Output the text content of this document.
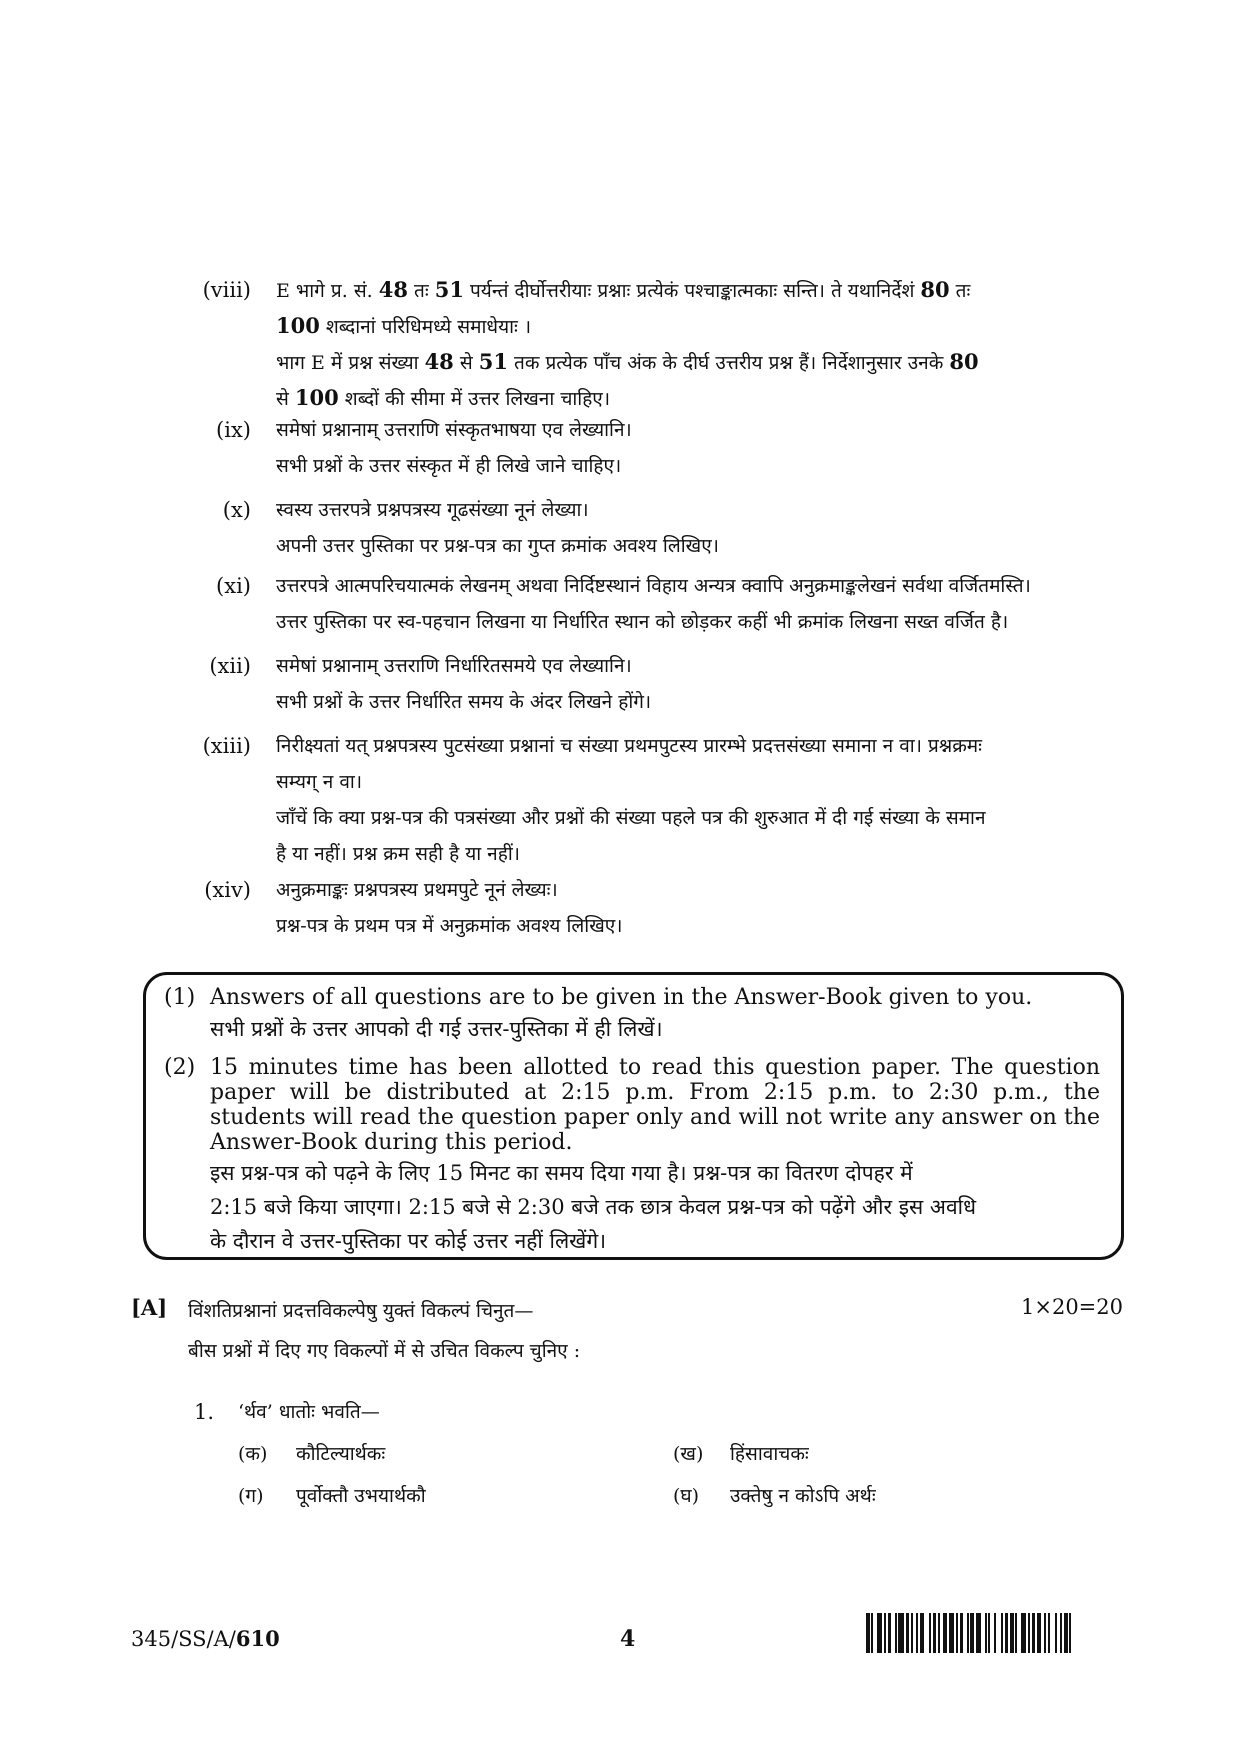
(viii) E भागे प्र. सं. 48 तः 51 पर्यन्तं दीर्घोत्तरीयाः प्रश्नाः प्रत्येकं पश्चाङ्कात्मकाः सन्ति। ते यथानिर्देशं 80 तः
100 शब्दानां परिधिमध्ये समाधेयाः ।
भाग E में प्रश्न संख्या 48 से 51 तक प्रत्येक पाँच अंक के दीर्घ उत्तरीय प्रश्न हैं। निर्देशानुसार उनके 80
से 100 शब्दों की सीमा में उत्तर लिखना चाहिए।
(ix) समेषां प्रश्नानाम् उत्तराणि संस्कृतभाषया एव लेख्यानि।
सभी प्रश्नों के उत्तर संस्कृत में ही लिखे जाने चाहिए।
(x) स्वस्य उत्तरपत्रे प्रश्नपत्रस्य गूढसंख्या नूनं लेख्या।
अपनी उत्तर पुस्तिका पर प्रश्न-पत्र का गुप्त क्रमांक अवश्य लिखिए।
(xi) उत्तरपत्रे आत्मपरिचयात्मकं लेखनम् अथवा निर्दिष्टस्थानं विहाय अन्यत्र क्वापि अनुक्रमाङ्कलेखनं सर्वथा वर्जितमस्ति।
उत्तर पुस्तिका पर स्व-पहचान लिखना या निर्धारित स्थान को छोड़कर कहीं भी क्रमांक लिखना सख्त वर्जित है।
(xii) समेषां प्रश्नानाम् उत्तराणि निर्धारितसमये एव लेख्यानि।
सभी प्रश्नों के उत्तर निर्धारित समय के अंदर लिखने होंगे।
(xiii) निरीक्ष्यतां यत् प्रश्नपत्रस्य पुटसंख्या प्रश्नानां च संख्या प्रथमपुटस्य प्रारम्भे प्रदत्तसंख्या समाना न वा। प्रश्नक्रमः
सम्यग् न वा।
जाँचें कि क्या प्रश्न-पत्र की पत्रसंख्या और प्रश्नों की संख्या पहले पत्र की शुरुआत में दी गई संख्या के समान
है या नहीं। प्रश्न क्रम सही है या नहीं।
(xiv) अनुक्रमाङ्कः प्रश्नपत्रस्य प्रथमपुटे नूनं लेख्यः।
प्रश्न-पत्र के प्रथम पत्र में अनुक्रमांक अवश्य लिखिए।
(1) Answers of all questions are to be given in the Answer-Book given to you.
सभी प्रश्नों के उत्तर आपको दी गई उत्तर-पुस्तिका में ही लिखें।
(2) 15 minutes time has been allotted to read this question paper. The question paper will be distributed at 2:15 p.m. From 2:15 p.m. to 2:30 p.m., the students will read the question paper only and will not write any answer on the Answer-Book during this period.
इस प्रश्न-पत्र को पढ़ने के लिए 15 मिनट का समय दिया गया है। प्रश्न-पत्र का वितरण दोपहर में
2:15 बजे किया जाएगा। 2:15 बजे से 2:30 बजे तक छात्र केवल प्रश्न-पत्र को पढ़ेंगे और इस अवधि
के दौरान वे उत्तर-पुस्तिका पर कोई उत्तर नहीं लिखेंगे।
[A] विंशतिप्रश्नानां प्रदत्तविकल्पेषु युक्तं विकल्पं चिनुत—	1×20=20
बीस प्रश्नों में दिए गए विकल्पों में से उचित विकल्प चुनिए :
1. ‘र्थव’ धातोः भवति—
(क) कौटिल्यार्थकः	(ख) हिंसावाचकः
(ग) पूर्वोक्तौ उभयार्थकौ	(घ) उक्तेषु न कोऽपि अर्थः
345/SS/A/610	4
